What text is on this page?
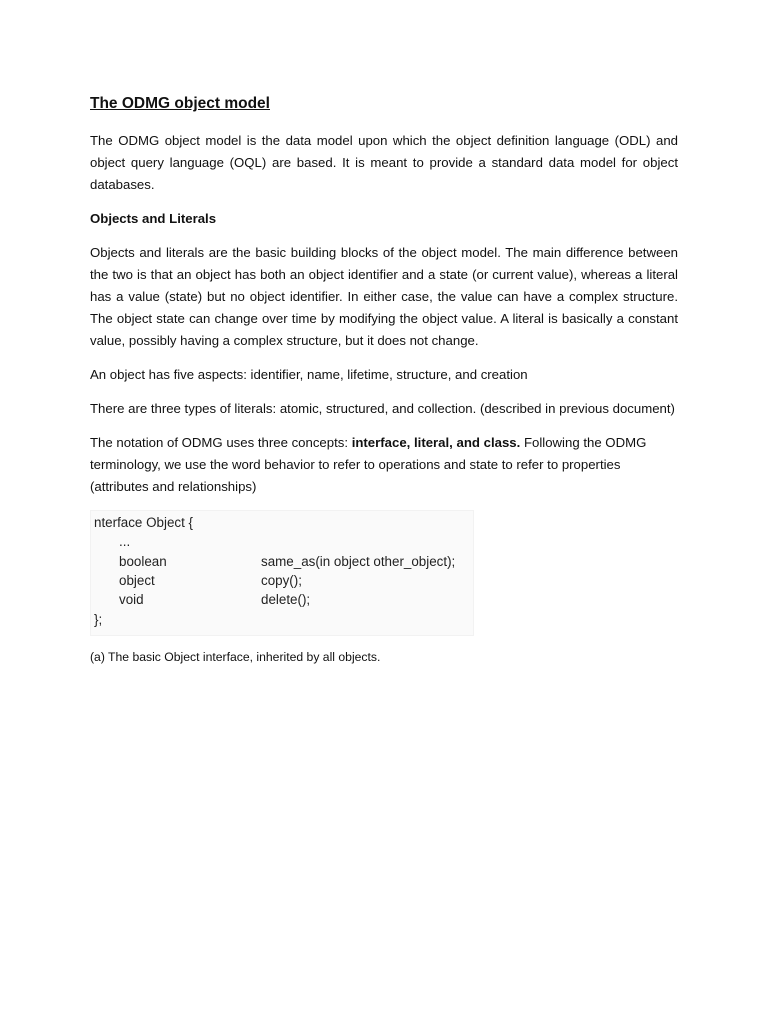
The ODMG object model

The ODMG object model is the data model upon which the object definition language (ODL) and object query language (OQL) are based. It is meant to provide a standard data model for object databases.

Objects and Literals

Objects and literals are the basic building blocks of the object model. The main difference between the two is that an object has both an object identifier and a state (or current value), whereas a literal has a value (state) but no object identifier. In either case, the value can have a complex structure. The object state can change over time by modifying the object value. A literal is basically a constant value, possibly having a complex structure, but it does not change.

An object has five aspects: identifier, name, lifetime, structure, and creation

There are three types of literals: atomic, structured, and collection. (described in previous document)

The notation of ODMG uses three concepts: interface, literal, and class. Following the ODMG terminology, we use the word behavior to refer to operations and state to refer to properties (attributes and relationships)

nterface Object {
...
boolean	same_as(in object other_object);
object	copy();
void	delete();
};

(a) The basic Object interface, inherited by all objects.
